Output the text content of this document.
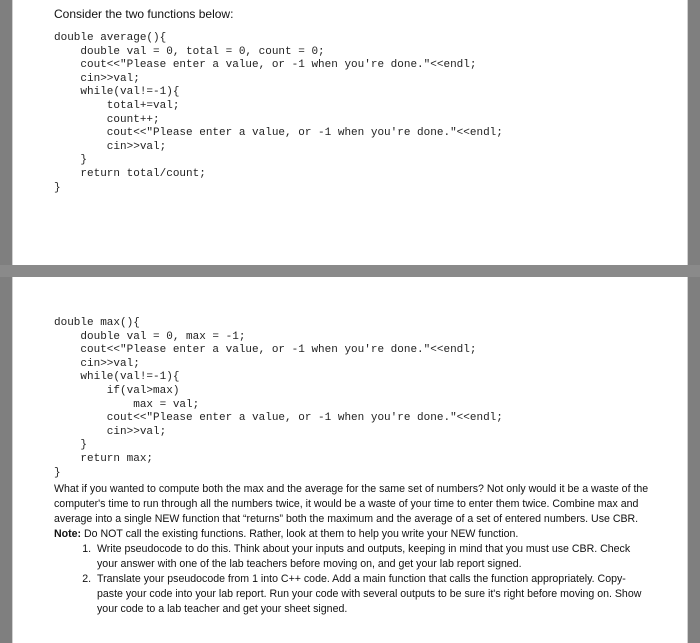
Consider the two functions below:
double average(){
double val = 0, total = 0, count = 0;
cout<<"Please enter a value, or -1 when you're done."<<endl;
cin>>val;
while(val!=-1){
total+=val;
count++;
cout<<"Please enter a value, or -1 when you're done."<<endl;
cin>>val;
}
return total/count;
}
double max(){
double val = 0, max = -1;
cout<<"Please enter a value, or -1 when you're done."<<endl;
cin>>val;
while(val!=-1){
if(val>max)
max = val;
cout<<"Please enter a value, or -1 when you're done."<<endl;
cin>>val;
}
return max;
}

What if you wanted to compute both the max and the average for the same set of numbers? Not only would it be a waste of the computer's time to run through all the numbers twice, it would be a waste of your time to enter them twice. Combine max and average into a single NEW function that “returns” both the maximum and the average of a set of entered numbers. Use CBR.

Note: Do NOT call the existing functions. Rather, look at them to help you write your NEW function.

1. Write pseudocode to do this. Think about your inputs and outputs, keeping in mind that you must use CBR. Check your answer with one of the lab teachers before moving on, and get your lab report signed.
2. Translate your pseudocode from 1 into C++ code. Add a main function that calls the function appropriately. Copy-paste your code into your lab report. Run your code with several outputs to be sure it's right before moving on. Show your code to a lab teacher and get your sheet signed.
